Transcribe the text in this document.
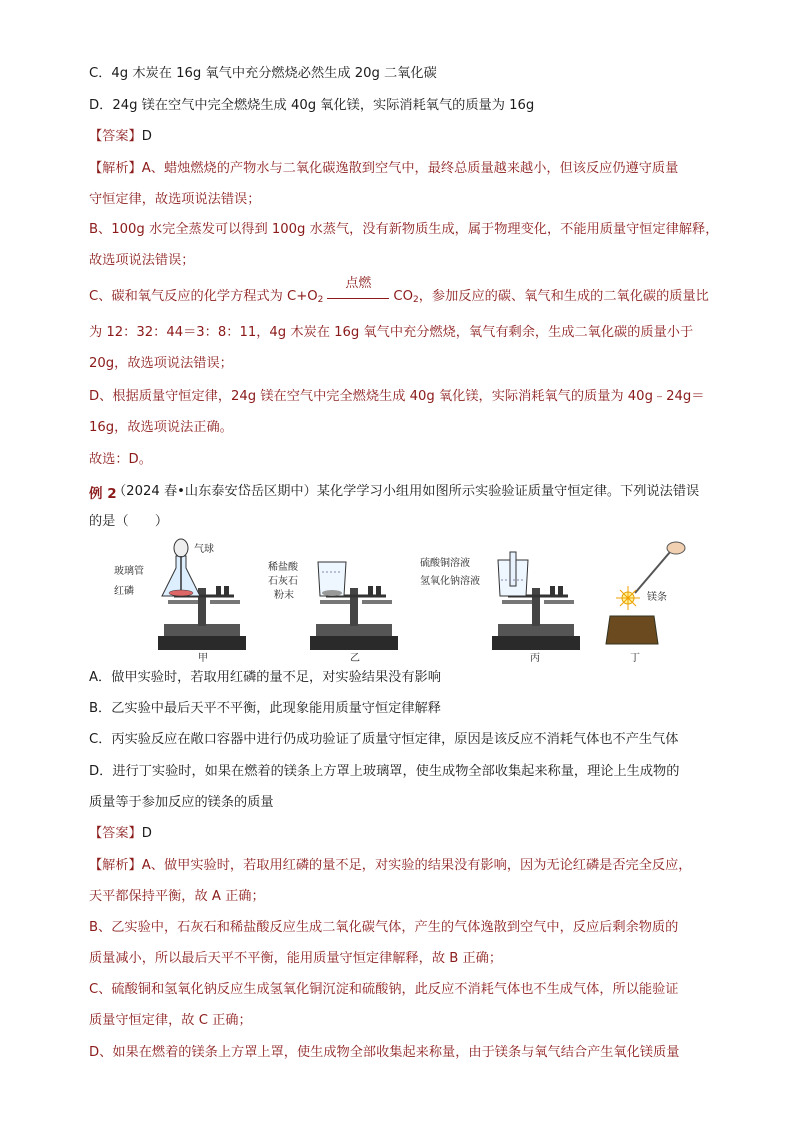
C．4g 木炭在 16g 氧气中充分燃烧必然生成 20g 二氧化碳
D．24g 镁在空气中完全燃烧生成 40g 氧化镁，实际消耗氧气的质量为 16g
【答案】D
【解析】A、蜡烛燃烧的产物水与二氧化碳逸散到空气中，最终总质量越来越小，但该反应仍遵守质量
守恒定律，故选项说法错误；
B、100g 水完全蒸发可以得到 100g 水蒸气，没有新物质生成，属于物理变化，不能用质量守恒定律解释，
故选项说法错误；
C、碳和氧气反应的化学方程式为 $C+O_2$
点燃
$CO_2$，参加反应的碳、氧气和生成的二氧化碳的质量比
为 12：32：44＝3：8：11，4g 木炭在 16g 氧气中充分燃烧，氧气有剩余，生成二氧化碳的质量小于
20g，故选项说法错误；
D、根据质量守恒定律，24g 镁在空气中完全燃烧生成 40g 氧化镁，实际消耗氧气的质量为 40g﹣24g＝
16g，故选项说法正确。
故选：D。
例 2
（2024 春•山东泰安岱岳区期中）某化学学习小组用如图所示实验验证质量守恒定律。下列说法错误
的是（　　）
玻璃管
红磷
气球
甲
稀盐酸
石灰石
粉末
乙
硫酸铜溶液
氢氧化钠溶液
丙
镁条
丁
A．做甲实验时，若取用红磷的量不足，对实验结果没有影响
B．乙实验中最后天平不平衡，此现象能用质量守恒定律解释
C．丙实验反应在敞口容器中进行仍成功验证了质量守恒定律，原因是该反应不消耗气体也不产生气体
D．进行丁实验时，如果在燃着的镁条上方罩上玻璃罩，使生成物全部收集起来称量，理论上生成物的
质量等于参加反应的镁条的质量
【答案】D
【解析】A、做甲实验时，若取用红磷的量不足，对实验的结果没有影响，因为无论红磷是否完全反应，
天平都保持平衡，故 A 正确；
B、乙实验中，石灰石和稀盐酸反应生成二氧化碳气体，产生的气体逸散到空气中，反应后剩余物质的
质量减小，所以最后天平不平衡，能用质量守恒定律解释，故 B 正确；
C、硫酸铜和氢氧化钠反应生成氢氧化铜沉淀和硫酸钠，此反应不消耗气体也不生成气体，所以能验证
质量守恒定律，故 C 正确；
D、如果在燃着的镁条上方罩上罩，使生成物全部收集起来称量，由于镁条与氧气结合产生氧化镁质量
